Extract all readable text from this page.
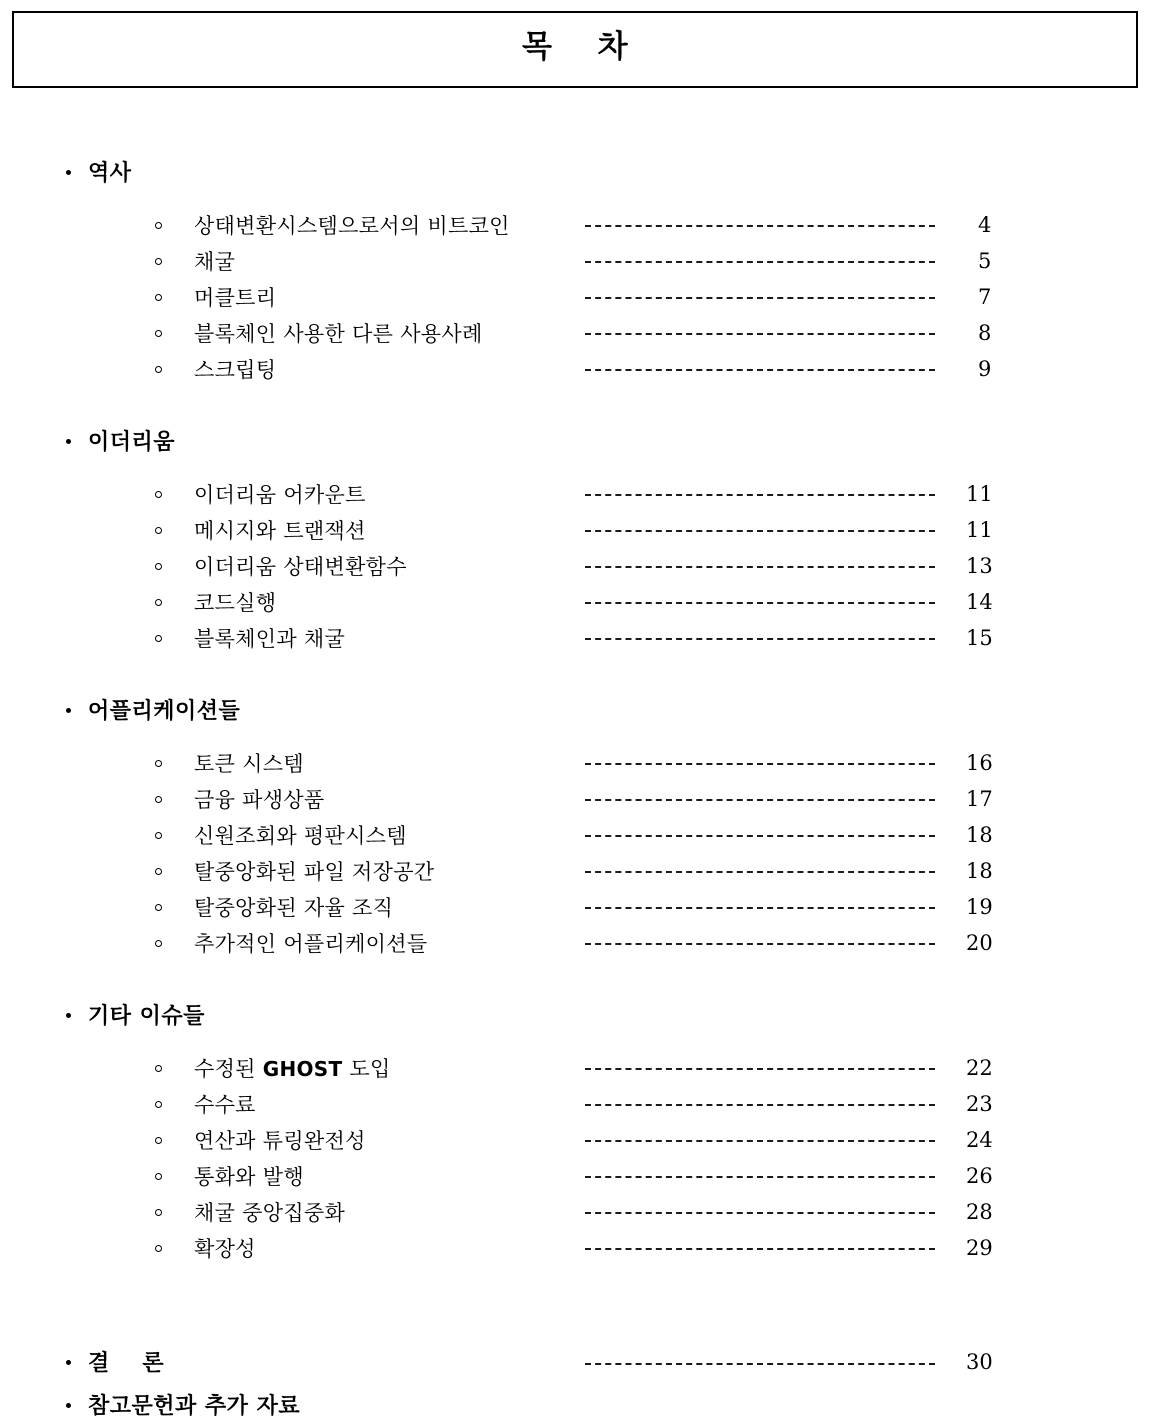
목    차
역사
상태변환시스템으로서의 비트코인	4
채굴	5
머클트리	7
블록체인 사용한 다른 사용사례	8
스크립팅	9
이더리움
이더리움 어카운트	11
메시지와 트랜잭션	11
이더리움 상태변환함수	13
코드실행	14
블록체인과 채굴	15
어플리케이션들
토큰 시스템	16
금융 파생상품	17
신원조회와 평판시스템	18
탈중앙화된 파일 저장공간	18
탈중앙화된 자율 조직	19
추가적인 어플리케이션들	20
기타 이슈들
수정된 GHOST 도입	22
수수료	23
연산과 튜링완전성	24
통화와 발행	26
채굴 중앙집중화	28
확장성	29
결    론	30
참고문헌과 추가 자료
